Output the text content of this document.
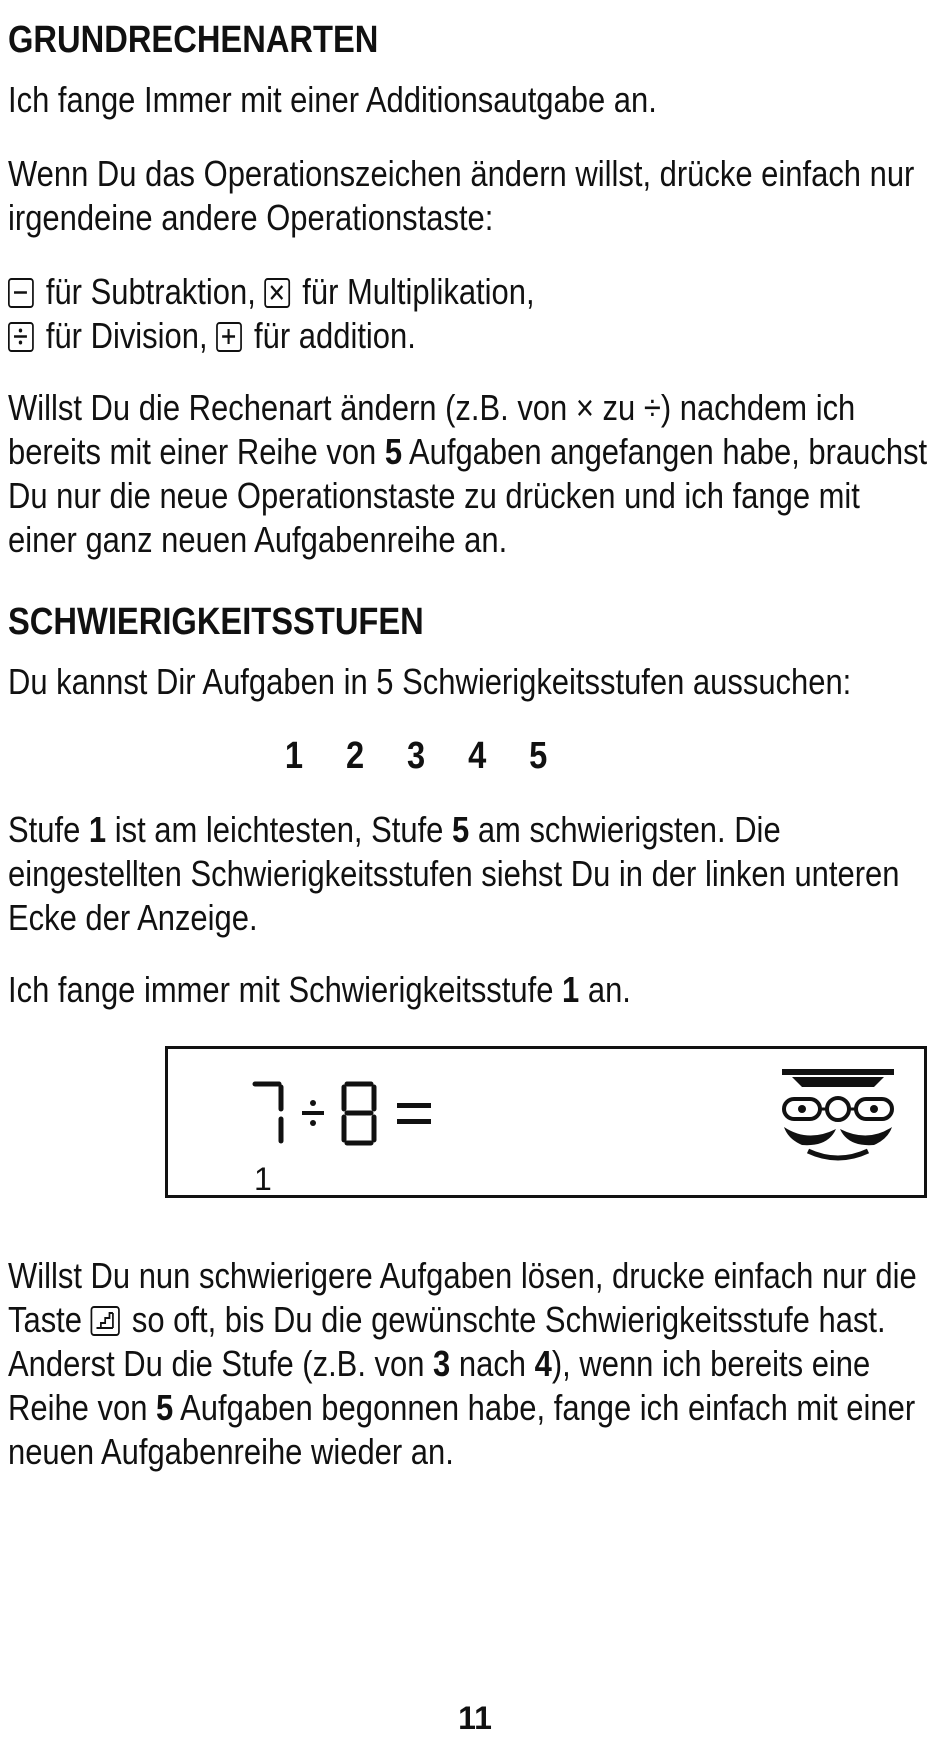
GRUNDRECHENARTEN

Ich fange Immer mit einer Additionsautgabe an.

Wenn Du das Operationszeichen ändern willst, drücke einfach nur irgendeine andere Operationstaste:

für Subtraktion, für Multiplikation,

für Division, für addition.

Willst Du die Rechenart ändern (z.B. von × zu ÷) nachdem ich bereits mit einer Reihe von 5 Aufgaben angefangen habe, brauchst Du nur die neue Operationstaste zu drücken und ich fange mit einer ganz neuen Aufgabenreihe an.

SCHWIERIGKEITSSTUFEN

Du kannst Dir Aufgaben in 5 Schwierigkeitsstufen aussuchen:

1 2 3 4 5

Stufe 1 ist am leichtesten, Stufe 5 am schwierigsten. Die eingestellten Schwierigkeitsstufen siehst Du in der linken unteren Ecke der Anzeige.

Ich fange immer mit Schwierigkeitsstufe 1 an.

Willst Du nun schwierigere Aufgaben lösen, drucke einfach nur die Taste
so oft, bis Du die gewünschte Schwierigkeitsstufe hast. Anderst Du die Stufe (z.B. von 3 nach 4), wenn ich bereits eine Reihe von 5 Aufgaben begonnen habe, fange ich einfach mit einer neuen Aufgabenreihe wieder an.

1
11
